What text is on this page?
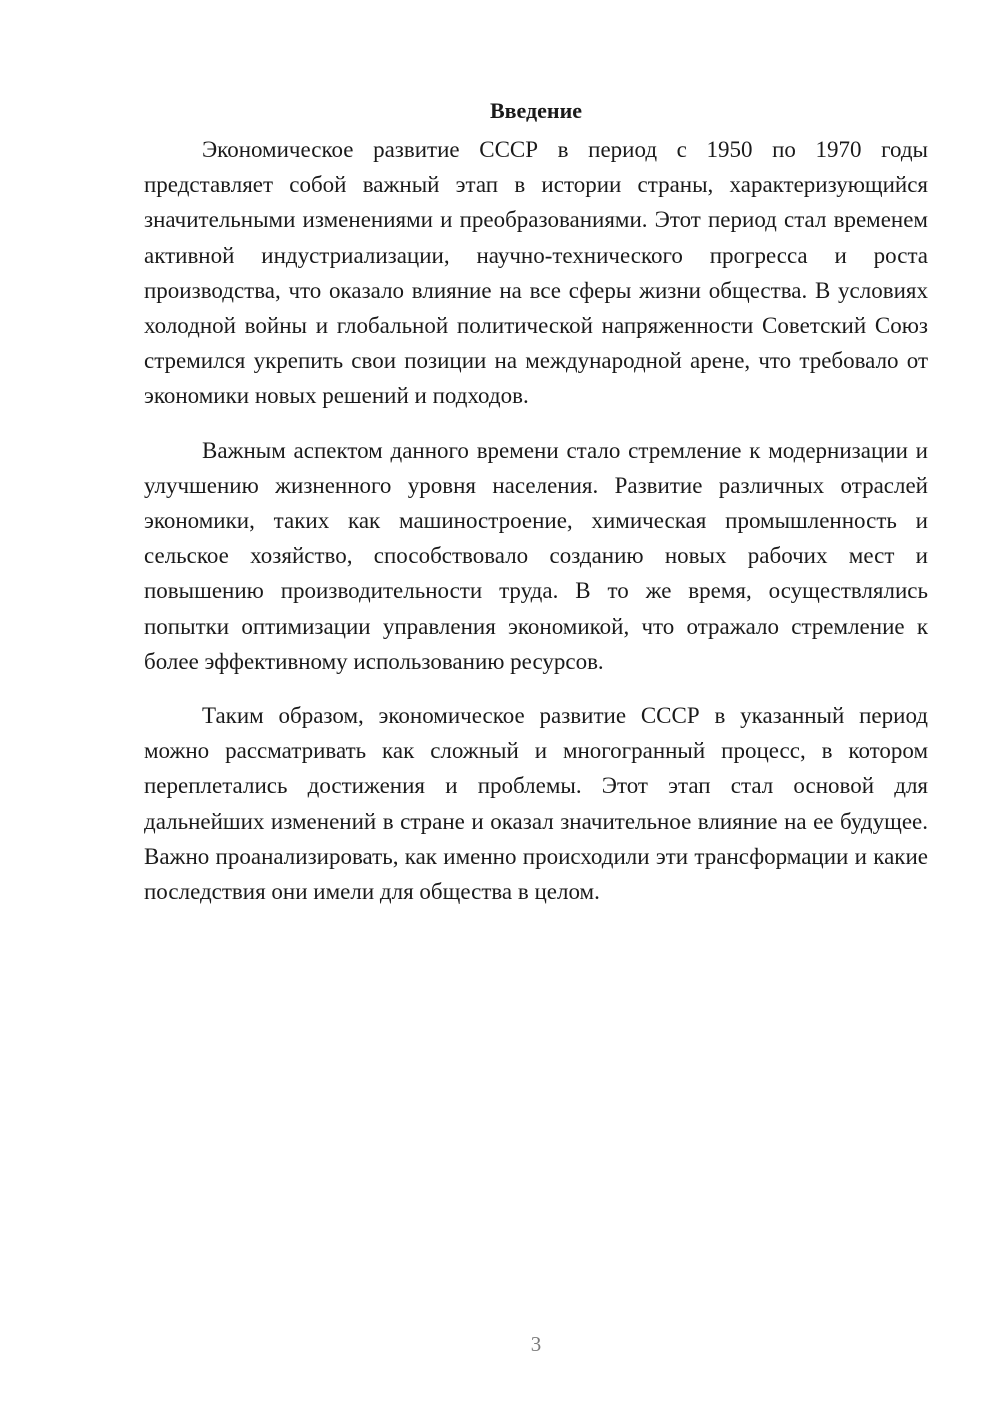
Введение

Экономическое развитие СССР в период с 1950 по 1970 годы представляет собой важный этап в истории страны, характеризующийся значительными изменениями и преобразованиями. Этот период стал временем активной индустриализации, научно-технического прогресса и роста производства, что оказало влияние на все сферы жизни общества. В условиях холодной войны и глобальной политической напряженности Советский Союз стремился укрепить свои позиции на международной арене, что требовало от экономики новых решений и подходов.

Важным аспектом данного времени стало стремление к модернизации и улучшению жизненного уровня населения. Развитие различных отраслей экономики, таких как машиностроение, химическая промышленность и сельское хозяйство, способствовало созданию новых рабочих мест и повышению производительности труда. В то же время, осуществлялись попытки оптимизации управления экономикой, что отражало стремление к более эффективному использованию ресурсов.

Таким образом, экономическое развитие СССР в указанный период можно рассматривать как сложный и многогранный процесс, в котором переплетались достижения и проблемы. Этот этап стал основой для дальнейших изменений в стране и оказал значительное влияние на ее будущее. Важно проанализировать, как именно происходили эти трансформации и какие последствия они имели для общества в целом.

3
